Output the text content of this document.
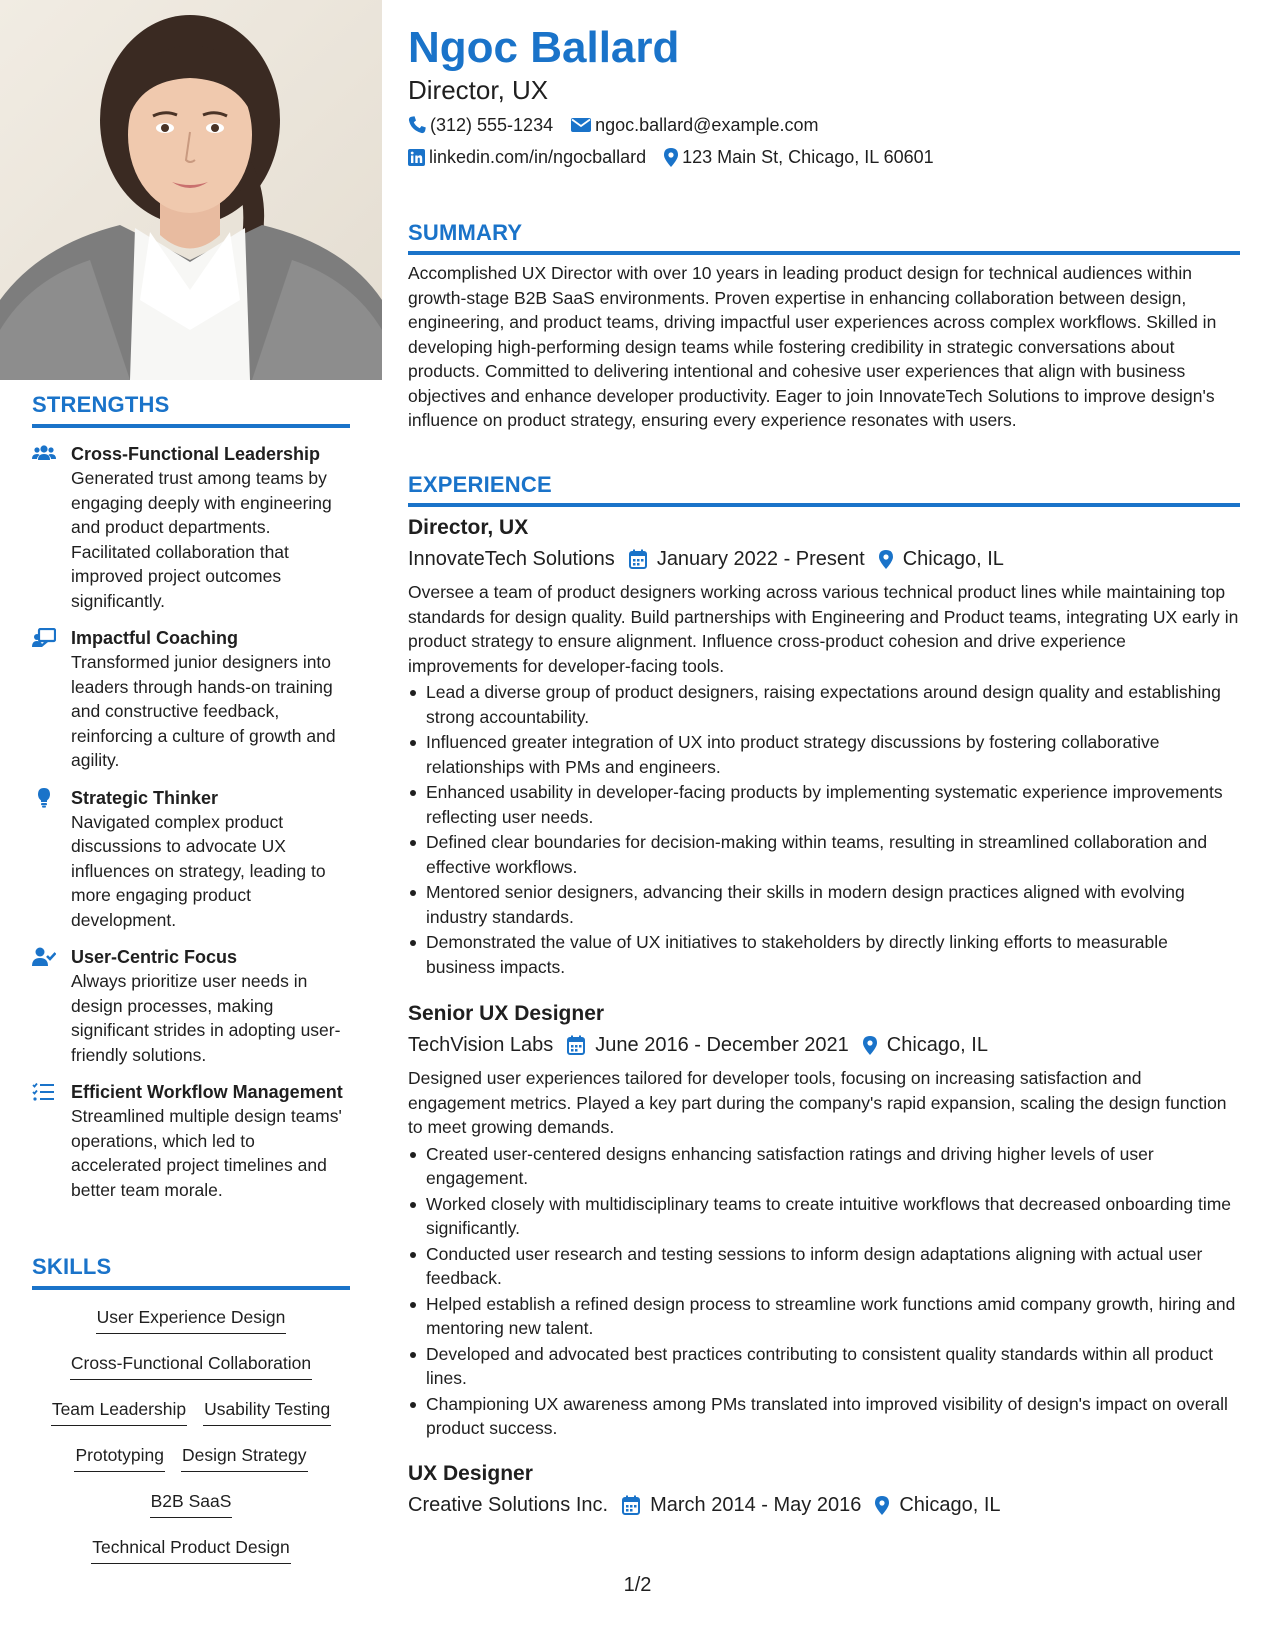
STRENGTHS
Cross-Functional Leadership
Generated trust among teams by engaging deeply with engineering and product departments. Facilitated collaboration that improved project outcomes significantly.
Impactful Coaching
Transformed junior designers into leaders through hands-on training and constructive feedback, reinforcing a culture of growth and agility.
Strategic Thinker
Navigated complex product discussions to advocate UX influences on strategy, leading to more engaging product development.
User-Centric Focus
Always prioritize user needs in design processes, making significant strides in adopting user-friendly solutions.
Efficient Workflow Management
Streamlined multiple design teams' operations, which led to accelerated project timelines and better team morale.
SKILLS
User Experience Design
Cross-Functional Collaboration
Team Leadership Usability Testing
Prototyping Design Strategy
B2B SaaS
Technical Product Design
Ngoc Ballard
Director, UX
(312) 555-1234 ngoc.ballard@example.com
linkedin.com/in/ngocballard 123 Main St, Chicago, IL 60601
SUMMARY
Accomplished UX Director with over 10 years in leading product design for technical audiences within growth-stage B2B SaaS environments. Proven expertise in enhancing collaboration between design, engineering, and product teams, driving impactful user experiences across complex workflows. Skilled in developing high-performing design teams while fostering credibility in strategic conversations about products. Committed to delivering intentional and cohesive user experiences that align with business objectives and enhance developer productivity. Eager to join InnovateTech Solutions to improve design's influence on product strategy, ensuring every experience resonates with users.
EXPERIENCE
Director, UX
InnovateTech Solutions January 2022 - Present Chicago, IL
Oversee a team of product designers working across various technical product lines while maintaining top standards for design quality. Build partnerships with Engineering and Product teams, integrating UX early in product strategy to ensure alignment. Influence cross-product cohesion and drive experience improvements for developer-facing tools.
Lead a diverse group of product designers, raising expectations around design quality and establishing strong accountability.
Influenced greater integration of UX into product strategy discussions by fostering collaborative relationships with PMs and engineers.
Enhanced usability in developer-facing products by implementing systematic experience improvements reflecting user needs.
Defined clear boundaries for decision-making within teams, resulting in streamlined collaboration and effective workflows.
Mentored senior designers, advancing their skills in modern design practices aligned with evolving industry standards.
Demonstrated the value of UX initiatives to stakeholders by directly linking efforts to measurable business impacts.
Senior UX Designer
TechVision Labs June 2016 - December 2021 Chicago, IL
Designed user experiences tailored for developer tools, focusing on increasing satisfaction and engagement metrics. Played a key part during the company's rapid expansion, scaling the design function to meet growing demands.
Created user-centered designs enhancing satisfaction ratings and driving higher levels of user engagement.
Worked closely with multidisciplinary teams to create intuitive workflows that decreased onboarding time significantly.
Conducted user research and testing sessions to inform design adaptations aligning with actual user feedback.
Helped establish a refined design process to streamline work functions amid company growth, hiring and mentoring new talent.
Developed and advocated best practices contributing to consistent quality standards within all product lines.
Championing UX awareness among PMs translated into improved visibility of design's impact on overall product success.
UX Designer
Creative Solutions Inc. March 2014 - May 2016 Chicago, IL
1/2
